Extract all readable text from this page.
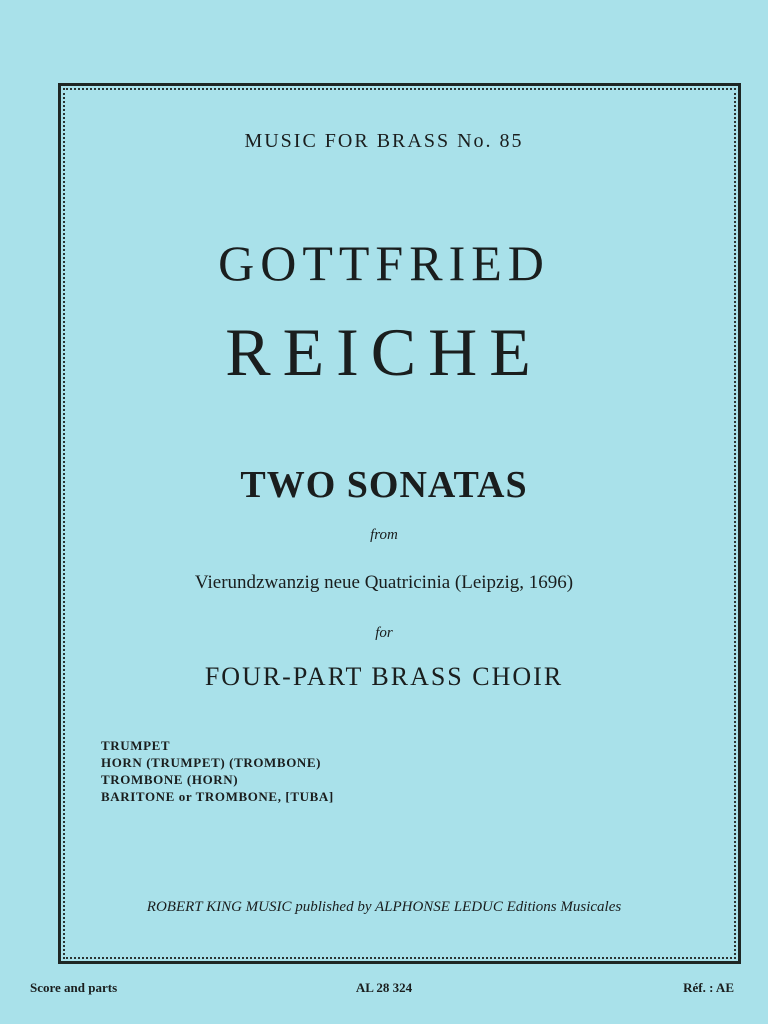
MUSIC FOR BRASS No. 85
GOTTFRIED
REICHE
TWO SONATAS
from
Vierundzwanzig neue Quatricinia (Leipzig, 1696)
for
FOUR-PART BRASS CHOIR
TRUMPET
HORN (TRUMPET) (TROMBONE)
TROMBONE (HORN)
BARITONE or TROMBONE, [TUBA]
ROBERT KING MUSIC published by ALPHONSE LEDUC Editions Musicales
Score and parts	AL 28 324	Réf. : AE
